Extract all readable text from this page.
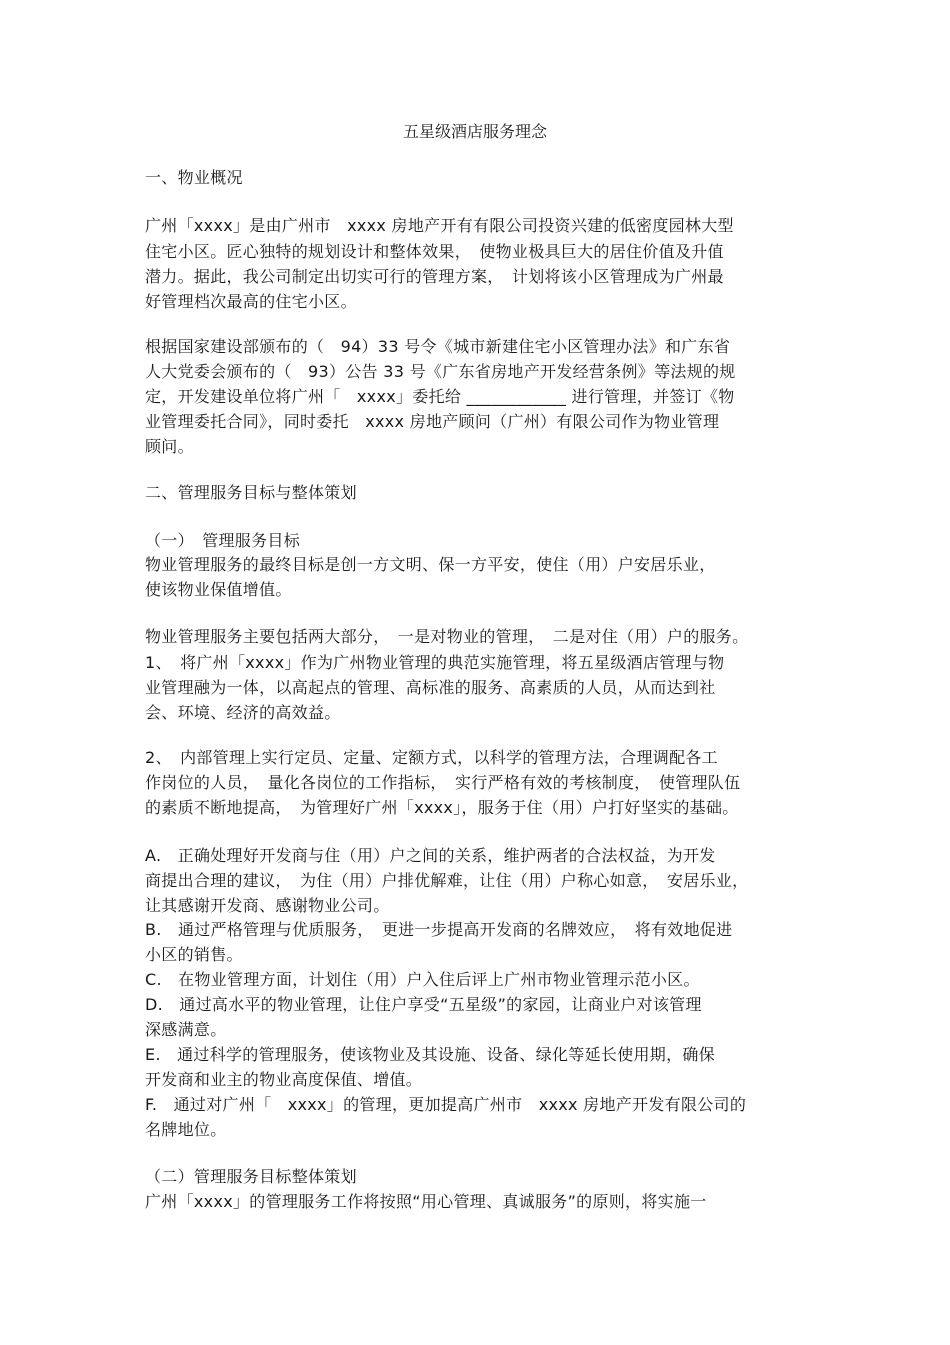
五星级酒店服务理念
一、物业概况
广州「xxxx」是由广州市　xxxx 房地产开有有限公司投资兴建的低密度园林大型
住宅小区。匠心独特的规划设计和整体效果，　使物业极具巨大的居住价值及升值
潜力。据此，我公司制定出切实可行的管理方案，　计划将该小区管理成为广州最
好管理档次最高的住宅小区。
根据国家建设部颁布的（　94）33 号令《城市新建住宅小区管理办法》和广东省
人大党委会颁布的（　93）公告 33 号《广东省房地产开发经营条例》等法规的规
定，开发建设单位将广州「　xxxx」委托给 ____________ 进行管理，并签订《物
业管理委托合同》，同时委托　xxxx 房地产顾问（广州）有限公司作为物业管理
顾问。
二、管理服务目标与整体策划
（一）　管理服务目标
物业管理服务的最终目标是创一方文明、保一方平安，使住（用）户安居乐业，
使该物业保值增值。
物业管理服务主要包括两大部分，　一是对物业的管理，　二是对住（用）户的服务。
1、　将广州「xxxx」作为广州物业管理的典范实施管理，将五星级酒店管理与物
业管理融为一体，以高起点的管理、高标准的服务、高素质的人员，从而达到社
会、环境、经济的高效益。
2、　内部管理上实行定员、定量、定额方式，以科学的管理方法，合理调配各工
作岗位的人员，　量化各岗位的工作指标，　实行严格有效的考核制度，　使管理队伍
的素质不断地提高，　为管理好广州「xxxx」，服务于住（用）户打好坚实的基础。
A.　正确处理好开发商与住（用）户之间的关系，维护两者的合法权益，为开发
商提出合理的建议，　为住（用）户排优解难，让住（用）户称心如意，　安居乐业，
让其感谢开发商、感谢物业公司。
B.　通过严格管理与优质服务，　更进一步提高开发商的名牌效应，　将有效地促进
小区的销售。
C.　在物业管理方面，计划住（用）户入住后评上广州市物业管理示范小区。
D.　通过高水平的物业管理，让住户享受“五星级”的家园，让商业户对该管理
深感满意。
E.　通过科学的管理服务，使该物业及其设施、设备、绿化等延长使用期，确保
开发商和业主的物业高度保值、增值。
F.　通过对广州「　xxxx」的管理，更加提高广州市　xxxx 房地产开发有限公司的
名牌地位。
（二）管理服务目标整体策划
广州「xxxx」的管理服务工作将按照“用心管理、真诚服务”的原则，将实施一
